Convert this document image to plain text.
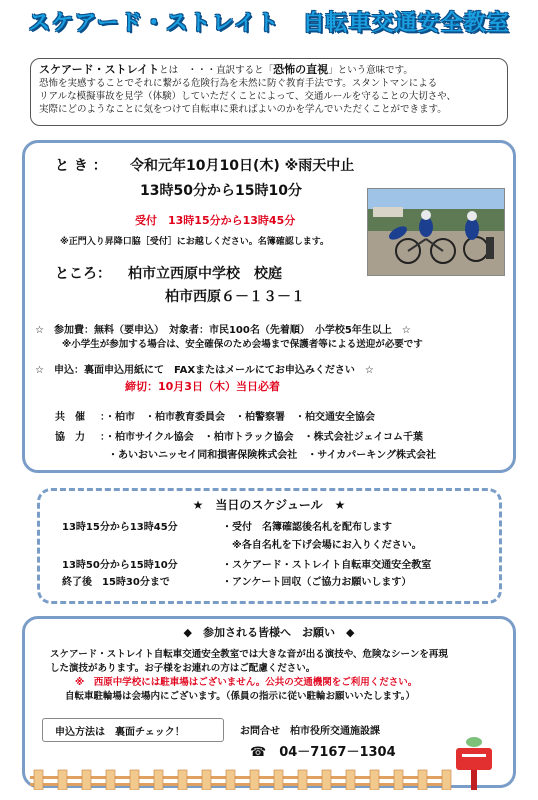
スケアード・ストレイト　自転車交通安全教室
スケアード・ストレイトとは　・・・直訳すると「恐怖の直視」という意味です。
恐怖を実感することでそれに繋がる危険行為を未然に防ぐ教育手法です。スタントマンによる
リアルな模擬事故を見学（体験）していただくことによって、交通ルールを守ることの大切さや、
実際にどのようなことに気をつけて自転車に乗ればよいのかを学んでいただくことができます。
と き ： 令和元年10月10日(木) ※雨天中止
13時50分から15時10分
受付　13時15分から13時45分
※正門入り昇降口脇［受付］にお越しください。名簿確認します。
ところ： 柏市立西原中学校　校庭
柏市西原６－１３－１
☆　参加費：無料（要申込）　対象者：市民100名（先着順）　小学校5年生以上　☆
※小学生が参加する場合は、安全確保のため会場まで保護者等による送迎が必要です
☆　申込：裏面申込用紙にて　FAXまたはメールにてお申込みください　☆
締切：10月3日（木）当日必着
共　催 ：・柏市　・柏市教育委員会　・柏警察署　・柏交通安全協会
協　力 ：・柏市サイクル協会　・柏市トラック協会　・株式会社ジェイコム千葉
・あいおいニッセイ同和損害保険株式会社　・サイカパーキング株式会社
★　当日のスケジュール　★
13時15分から13時45分	・受付　名簿確認後名札を配布します
※各自名札を下げ会場にお入りください。
13時50分から15時10分	・スケアード・ストレイト自転車交通安全教室
終了後　15時30分まで	・アンケート回収（ご協力お願いします）
◆　参加される皆様へ　お願い　◆
スケアード・ストレイト自転車交通安全教室では大きな音が出る演技や、危険なシーンを再現
した演技があります。お子様をお連れの方はご配慮ください。
※　西原中学校には駐車場はございません。公共の交通機関をご利用ください。
自転車駐輪場は会場内にございます。（係員の指示に従い駐輪お願いいたします。）
申込方法は　裏面チェック！	お問合せ　柏市役所交通施設課
☎　04－7167－1304
